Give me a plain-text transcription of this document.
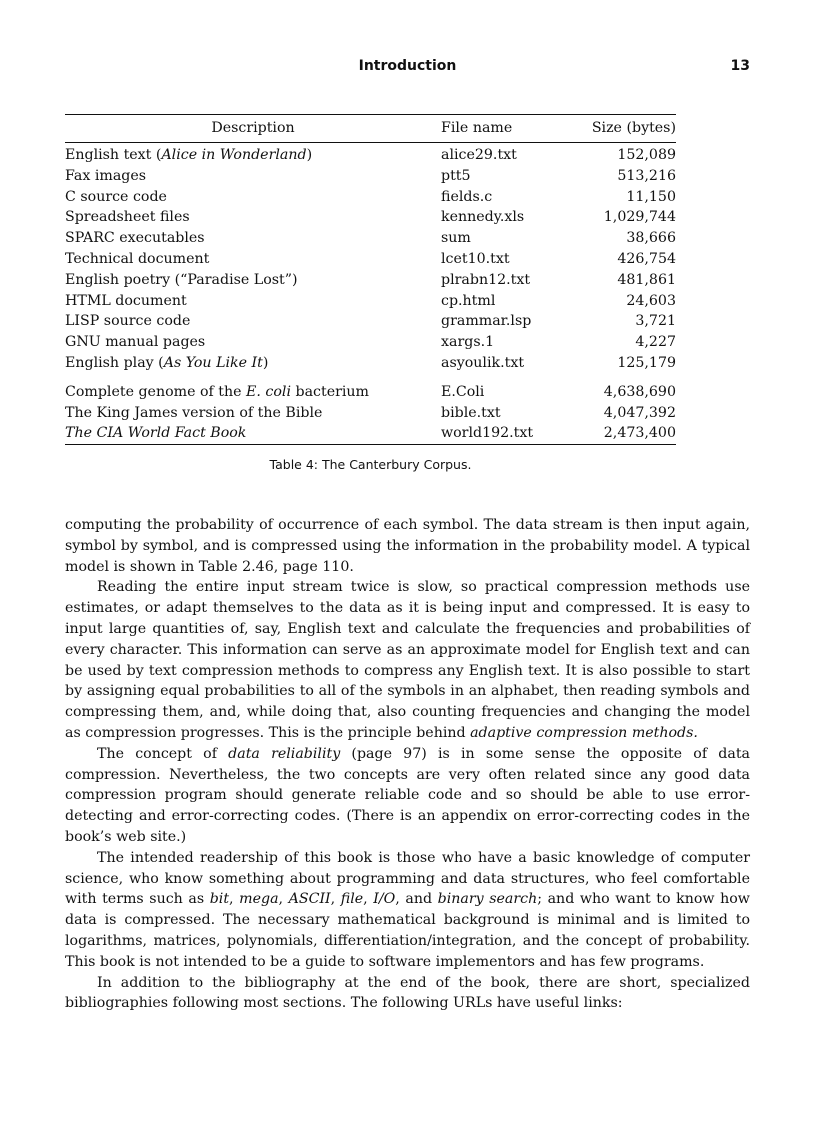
Introduction	13
Description	File name	Size (bytes)
English text (Alice in Wonderland)	alice29.txt	152,089
Fax images	ptt5	513,216
C source code	fields.c	11,150
Spreadsheet files	kennedy.xls	1,029,744
SPARC executables	sum	38,666
Technical document	lcet10.txt	426,754
English poetry (“Paradise Lost”)	plrabn12.txt	481,861
HTML document	cp.html	24,603
LISP source code	grammar.lsp	3,721
GNU manual pages	xargs.1	4,227
English play (As You Like It)	asyoulik.txt	125,179

Complete genome of the E. coli bacterium	E.Coli	4,638,690
The King James version of the Bible	bible.txt	4,047,392
The CIA World Fact Book	world192.txt	2,473,400

Table 4: The Canterbury Corpus.

computing the probability of occurrence of each symbol. The data stream is then input again, symbol by symbol, and is compressed using the information in the probability model. A typical model is shown in Table 2.46, page 110.

Reading the entire input stream twice is slow, so practical compression methods use estimates, or adapt themselves to the data as it is being input and compressed. It is easy to input large quantities of, say, English text and calculate the frequencies and probabilities of every character. This information can serve as an approximate model for English text and can be used by text compression methods to compress any English text. It is also possible to start by assigning equal probabilities to all of the symbols in an alphabet, then reading symbols and compressing them, and, while doing that, also counting frequencies and changing the model as compression progresses. This is the principle behind adaptive compression methods.

The concept of data reliability (page 97) is in some sense the opposite of data compression. Nevertheless, the two concepts are very often related since any good data compression program should generate reliable code and so should be able to use error-detecting and error-correcting codes. (There is an appendix on error-correcting codes in the book’s web site.)

The intended readership of this book is those who have a basic knowledge of computer science, who know something about programming and data structures, who feel comfortable with terms such as bit, mega, ASCII, file, I/O, and binary search; and who want to know how data is compressed. The necessary mathematical background is minimal and is limited to logarithms, matrices, polynomials, differentiation/integration, and the concept of probability. This book is not intended to be a guide to software implementors and has few programs.

In addition to the bibliography at the end of the book, there are short, specialized bibliographies following most sections. The following URLs have useful links:
